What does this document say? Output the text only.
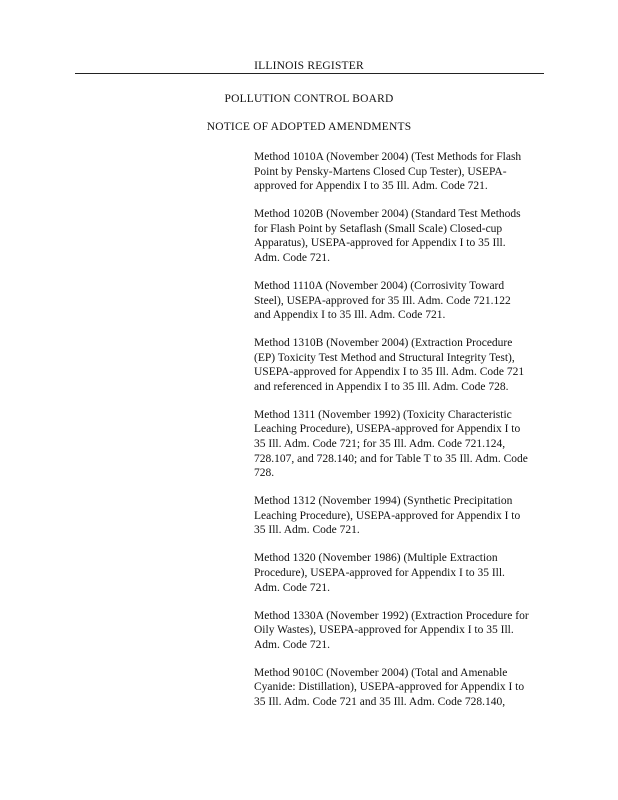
ILLINOIS REGISTER
POLLUTION CONTROL BOARD
NOTICE OF ADOPTED AMENDMENTS
Method 1010A (November 2004) (Test Methods for Flash
Point by Pensky-Martens Closed Cup Tester), USEPA-
approved for Appendix I to 35 Ill. Adm. Code 721.
Method 1020B (November 2004) (Standard Test Methods
for Flash Point by Setaflash (Small Scale) Closed-cup
Apparatus), USEPA-approved for Appendix I to 35 Ill.
Adm. Code 721.
Method 1110A (November 2004) (Corrosivity Toward
Steel), USEPA-approved for 35 Ill. Adm. Code 721.122
and Appendix I to 35 Ill. Adm. Code 721.
Method 1310B (November 2004) (Extraction Procedure
(EP) Toxicity Test Method and Structural Integrity Test),
USEPA-approved for Appendix I to 35 Ill. Adm. Code 721
and referenced in Appendix I to 35 Ill. Adm. Code 728.
Method 1311 (November 1992) (Toxicity Characteristic
Leaching Procedure), USEPA-approved for Appendix I to
35 Ill. Adm. Code 721; for 35 Ill. Adm. Code 721.124,
728.107, and 728.140; and for Table T to 35 Ill. Adm. Code
728.
Method 1312 (November 1994) (Synthetic Precipitation
Leaching Procedure), USEPA-approved for Appendix I to
35 Ill. Adm. Code 721.
Method 1320 (November 1986) (Multiple Extraction
Procedure), USEPA-approved for Appendix I to 35 Ill.
Adm. Code 721.
Method 1330A (November 1992) (Extraction Procedure for
Oily Wastes), USEPA-approved for Appendix I to 35 Ill.
Adm. Code 721.
Method 9010C (November 2004) (Total and Amenable
Cyanide: Distillation), USEPA-approved for Appendix I to
35 Ill. Adm. Code 721 and 35 Ill. Adm. Code 728.140,
